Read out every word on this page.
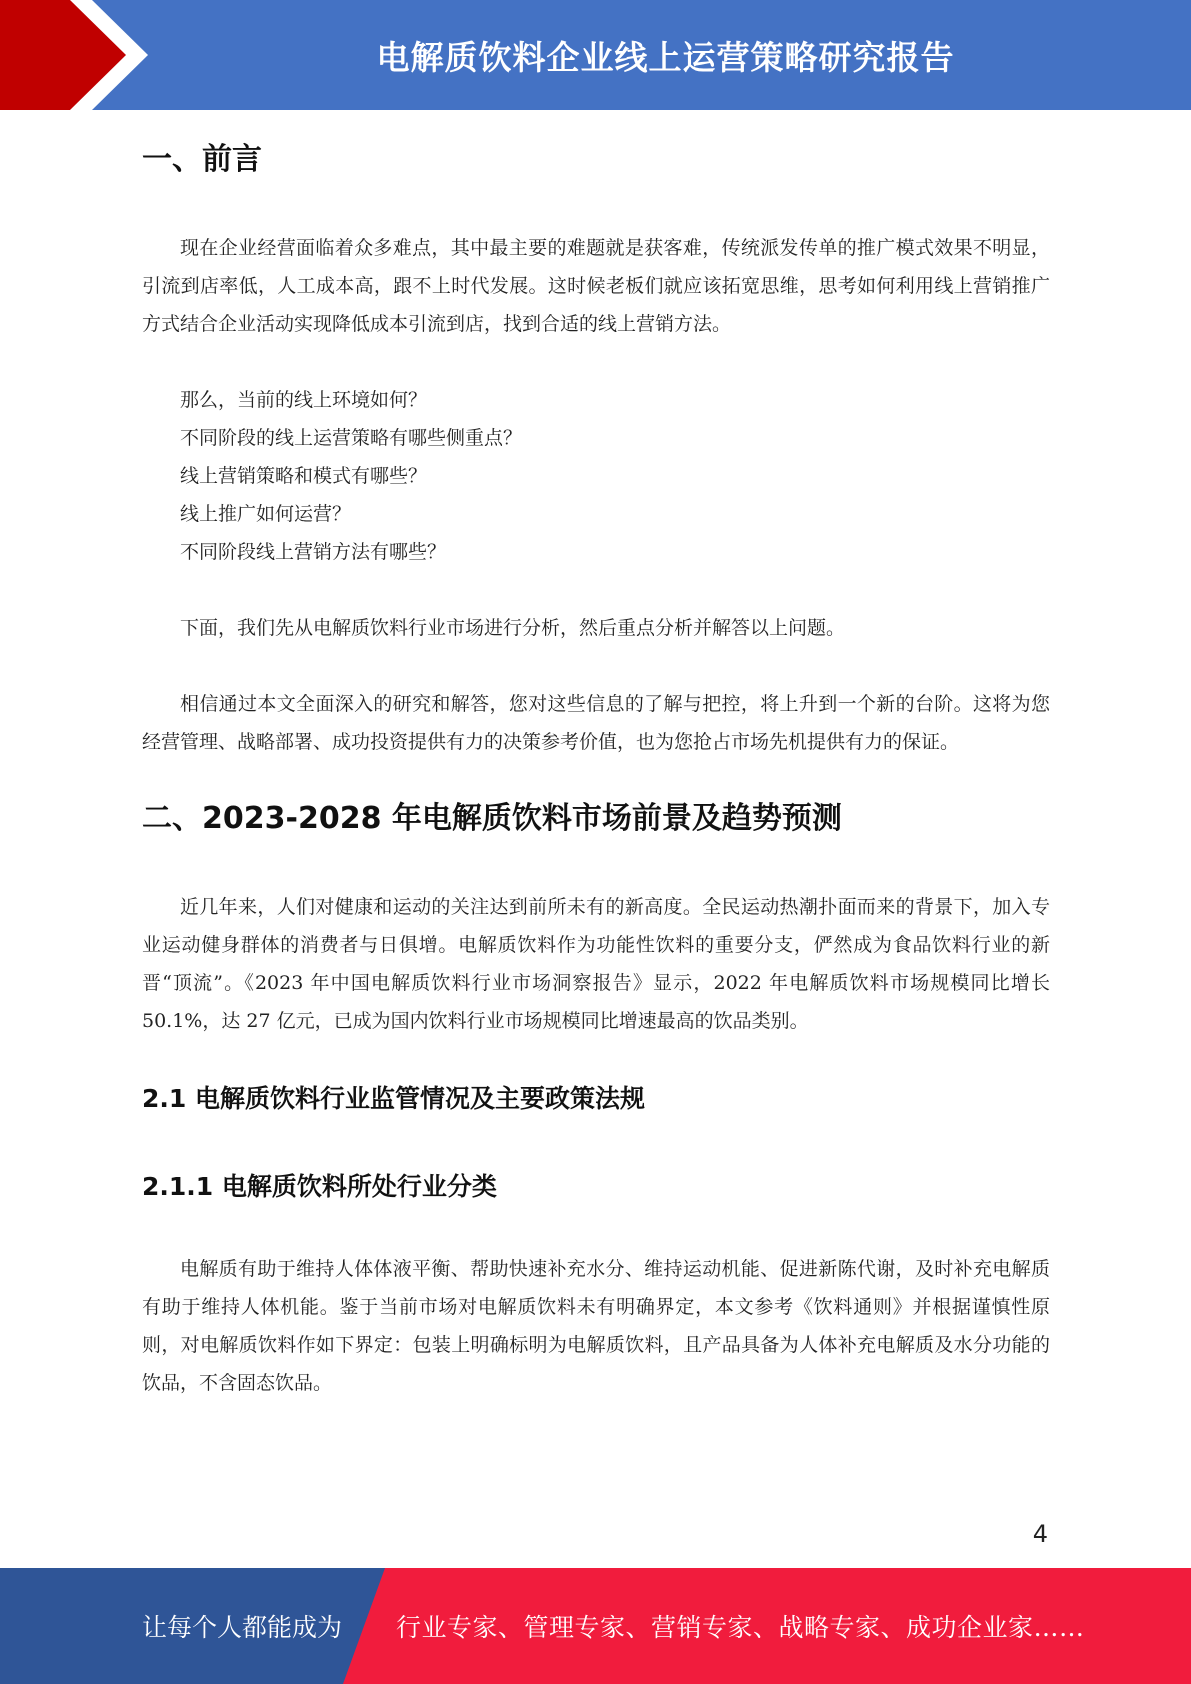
电解质饮料企业线上运营策略研究报告
一、前言

现在企业经营面临着众多难点，其中最主要的难题就是获客难，传统派发传单的推广模式效果不明显，引流到店率低，人工成本高，跟不上时代发展。这时候老板们就应该拓宽思维，思考如何利用线上营销推广方式结合企业活动实现降低成本引流到店，找到合适的线上营销方法。

那么，当前的线上环境如何？
不同阶段的线上运营策略有哪些侧重点？
线上营销策略和模式有哪些？
线上推广如何运营？
不同阶段线上营销方法有哪些？

下面，我们先从电解质饮料行业市场进行分析，然后重点分析并解答以上问题。

相信通过本文全面深入的研究和解答，您对这些信息的了解与把控，将上升到一个新的台阶。这将为您经营管理、战略部署、成功投资提供有力的决策参考价值，也为您抢占市场先机提供有力的保证。

二、2023-2028 年电解质饮料市场前景及趋势预测

近几年来，人们对健康和运动的关注达到前所未有的新高度。全民运动热潮扑面而来的背景下，加入专业运动健身群体的消费者与日俱增。电解质饮料作为功能性饮料的重要分支，俨然成为食品饮料行业的新晋“顶流”。《2023 年中国电解质饮料行业市场洞察报告》显示，2022 年电解质饮料市场规模同比增长 50.1%，达 27 亿元，已成为国内饮料行业市场规模同比增速最高的饮品类别。

2.1 电解质饮料行业监管情况及主要政策法规
2.1.1 电解质饮料所处行业分类

电解质有助于维持人体体液平衡、帮助快速补充水分、维持运动机能、促进新陈代谢，及时补充电解质有助于维持人体机能。鉴于当前市场对电解质饮料未有明确界定，本文参考《饮料通则》并根据谨慎性原则，对电解质饮料作如下界定：包装上明确标明为电解质饮料，且产品具备为人体补充电解质及水分功能的饮品，不含固态饮品。

4
让每个人都能成为 行业专家、管理专家、营销专家、战略专家、成功企业家……
